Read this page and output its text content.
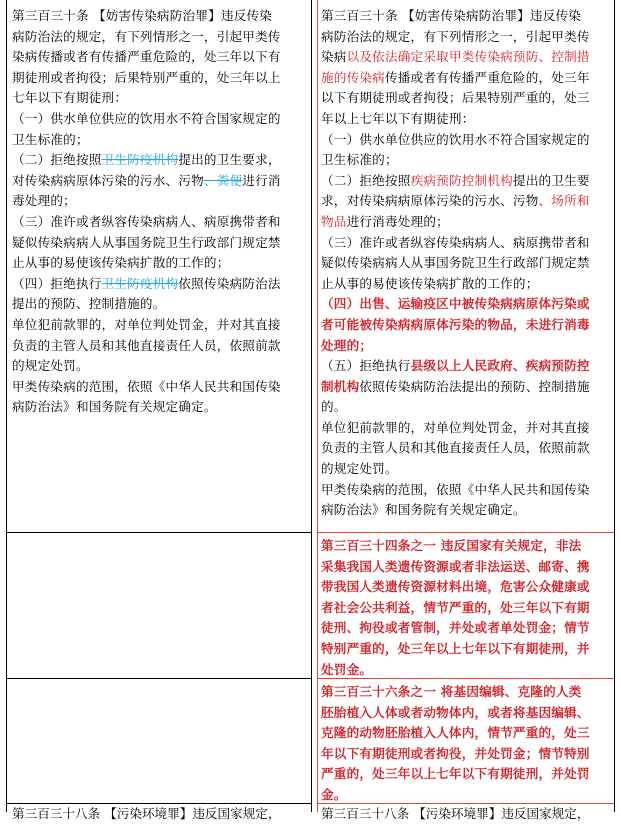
第三百三十条 【妨害传染病防治罪】违反传染

病防治法的规定，有下列情形之一，引起甲类传

染病传播或者有传播严重危险的，处三年以下有

期徒刑或者拘役；后果特别严重的，处三年以上

七年以下有期徒刑：

（一）供水单位供应的饮用水不符合国家规定的

卫生标准的；

（二）拒绝按照卫生防疫机构提出的卫生要求，

对传染病病原体污染的污水、污物、粪便进行消

毒处理的；

（三）准许或者纵容传染病病人、病原携带者和

疑似传染病病人从事国务院卫生行政部门规定禁

止从事的易使该传染病扩散的工作的；

（四）拒绝执行卫生防疫机构依照传染病防治法

提出的预防、控制措施的。

单位犯前款罪的，对单位判处罚金，并对其直接

负责的主管人员和其他直接责任人员，依照前款

的规定处罚。

甲类传染病的范围，依照《中华人民共和国传染

病防治法》和国务院有关规定确定。

第三百三十条 【妨害传染病防治罪】违反传染

病防治法的规定，有下列情形之一，引起甲类传

染病以及依法确定采取甲类传染病预防、控制措

施的传染病传播或者有传播严重危险的，处三年

以下有期徒刑或者拘役；后果特别严重的，处三

年以上七年以下有期徒刑：

（一）供水单位供应的饮用水不符合国家规定的

卫生标准的；

（二）拒绝按照疾病预防控制机构提出的卫生要

求，对传染病病原体污染的污水、污物、场所和

物品进行消毒处理的；

（三）准许或者纵容传染病病人、病原携带者和

疑似传染病病人从事国务院卫生行政部门规定禁

止从事的易使该传染病扩散的工作的；

（四）出售、运输疫区中被传染病病原体污染或

者可能被传染病病原体污染的物品，未进行消毒

处理的；

（五）拒绝执行县级以上人民政府、疾病预防控

制机构依照传染病防治法提出的预防、控制措施

的。

单位犯前款罪的，对单位判处罚金，并对其直接

负责的主管人员和其他直接责任人员，依照前款

的规定处罚。

甲类传染病的范围，依照《中华人民共和国传染

病防治法》和国务院有关规定确定。

第三百三十四条之一 违反国家有关规定，非法

采集我国人类遗传资源或者非法运送、邮寄、携

带我国人类遗传资源材料出境，危害公众健康或

者社会公共利益，情节严重的，处三年以下有期

徒刑、拘役或者管制，并处或者单处罚金；情节

特别严重的，处三年以上七年以下有期徒刑，并

处罚金。

第三百三十六条之一 将基因编辑、克隆的人类

胚胎植入人体或者动物体内，或者将基因编辑、

克隆的动物胚胎植入人体内，情节严重的，处三

年以下有期徒刑或者拘役，并处罚金；情节特别

严重的，处三年以上七年以下有期徒刑，并处罚

金。

第三百三十八条 【污染环境罪】违反国家规定，	第三百三十八条 【污染环境罪】违反国家规定，
